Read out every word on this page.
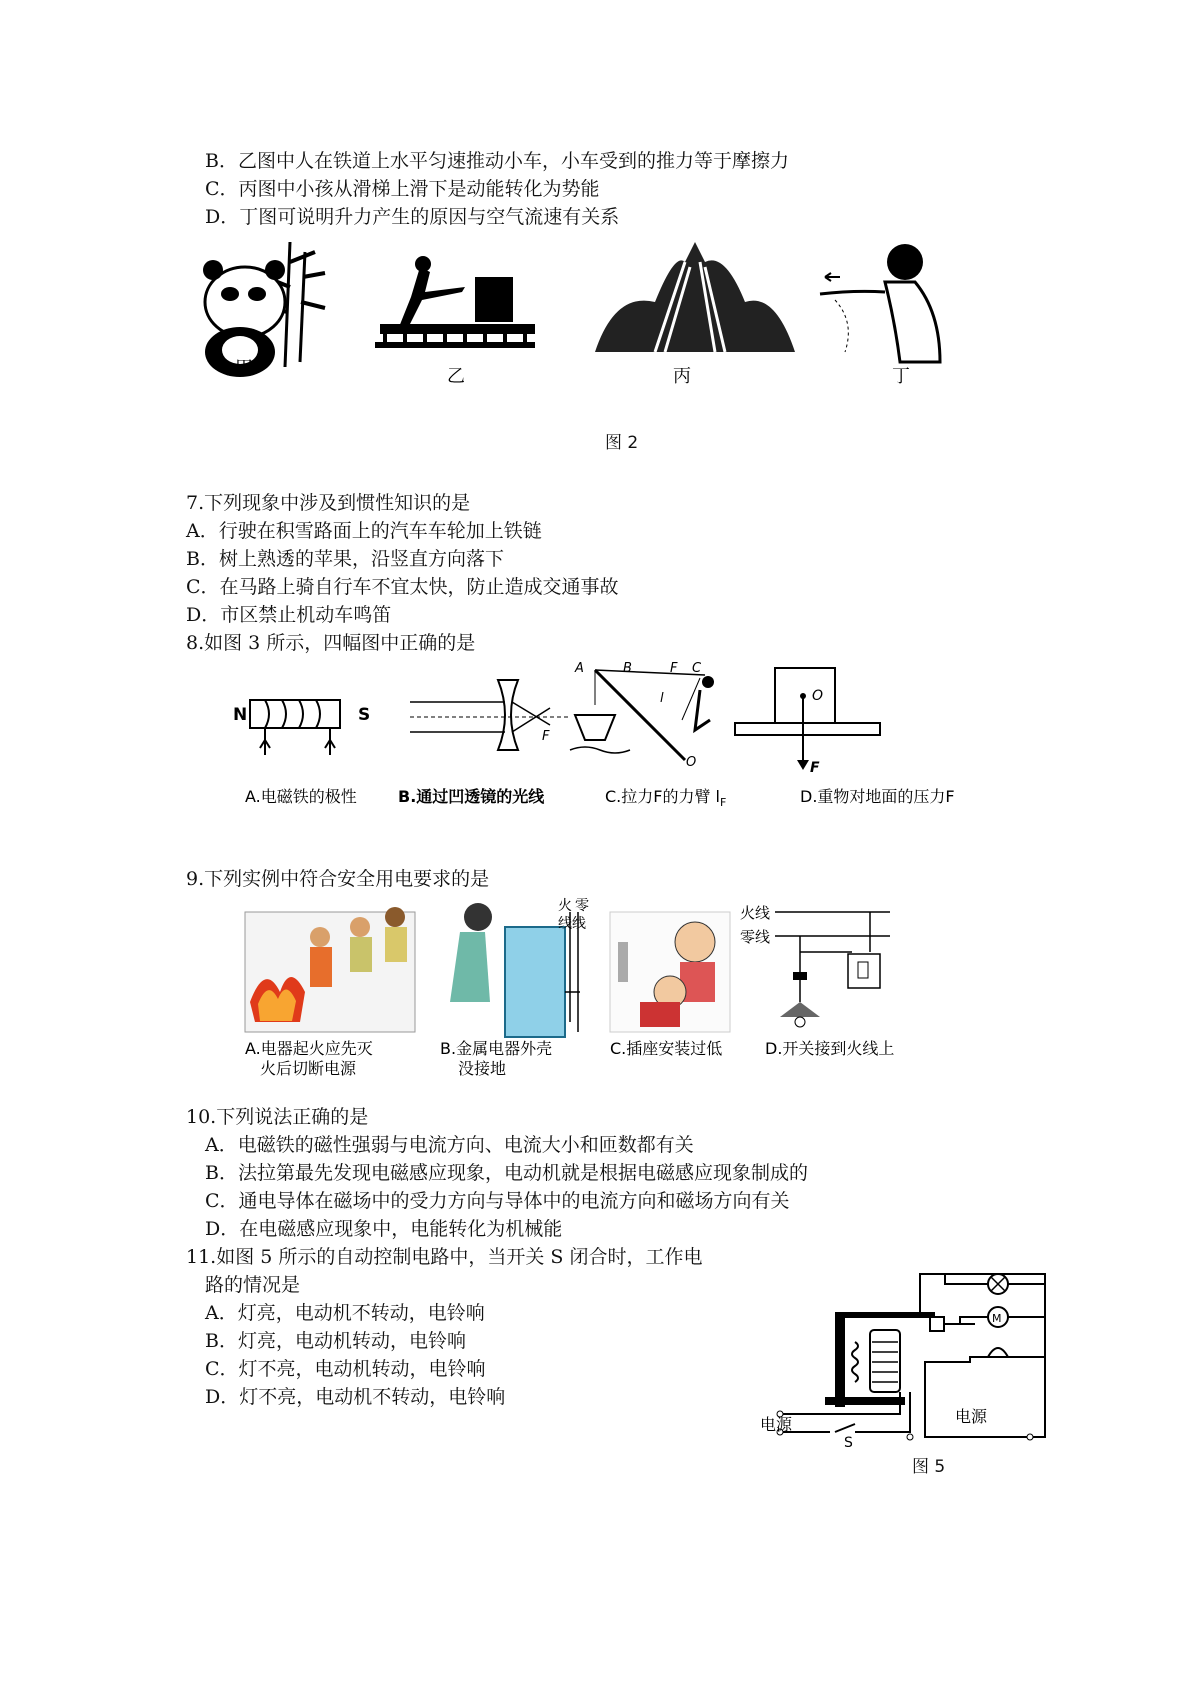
B．乙图中人在铁道上水平匀速推动小车，小车受到的推力等于摩擦力
C．丙图中小孩从滑梯上滑下是动能转化为势能
D．丁图可说明升力产生的原因与空气流速有关系
甲	乙	丙	丁
图 2
7.下列现象中涉及到惯性知识的是
A．行驶在积雪路面上的汽车车轮加上铁链
B．树上熟透的苹果，沿竖直方向落下
C．在马路上骑自行车不宜太快，防止造成交通事故
D．市区禁止机动车鸣笛
8.如图 3 所示，四幅图中正确的是
N	S
F
A	B	F C
l
O
O
F
A.电磁铁的极性	B.通过凹透镜的光线	C.拉力F的力臂 $l_F$	D.重物对地面的压力F
9.下列实例中符合安全用电要求的是
A.电器起火应先灭
火后切断电源
火 零
线线
B.金属电器外壳
没接地
C.插座安装过低
火线
零线
D.开关接到火线上
10.下列说法正确的是
A．电磁铁的磁性强弱与电流方向、电流大小和匝数都有关
B．法拉第最先发现电磁感应现象，电动机就是根据电磁感应现象制成的
C．通电导体在磁场中的受力方向与导体中的电流方向和磁场方向有关
D．在电磁感应现象中，电能转化为机械能
11.如图 5 所示的自动控制电路中，当开关 S 闭合时，工作电
路的情况是
A．灯亮，电动机不转动，电铃响
B．灯亮，电动机转动，电铃响
C．灯不亮，电动机转动，电铃响
D．灯不亮，电动机不转动，电铃响
M
电源	电源
S
图 5
